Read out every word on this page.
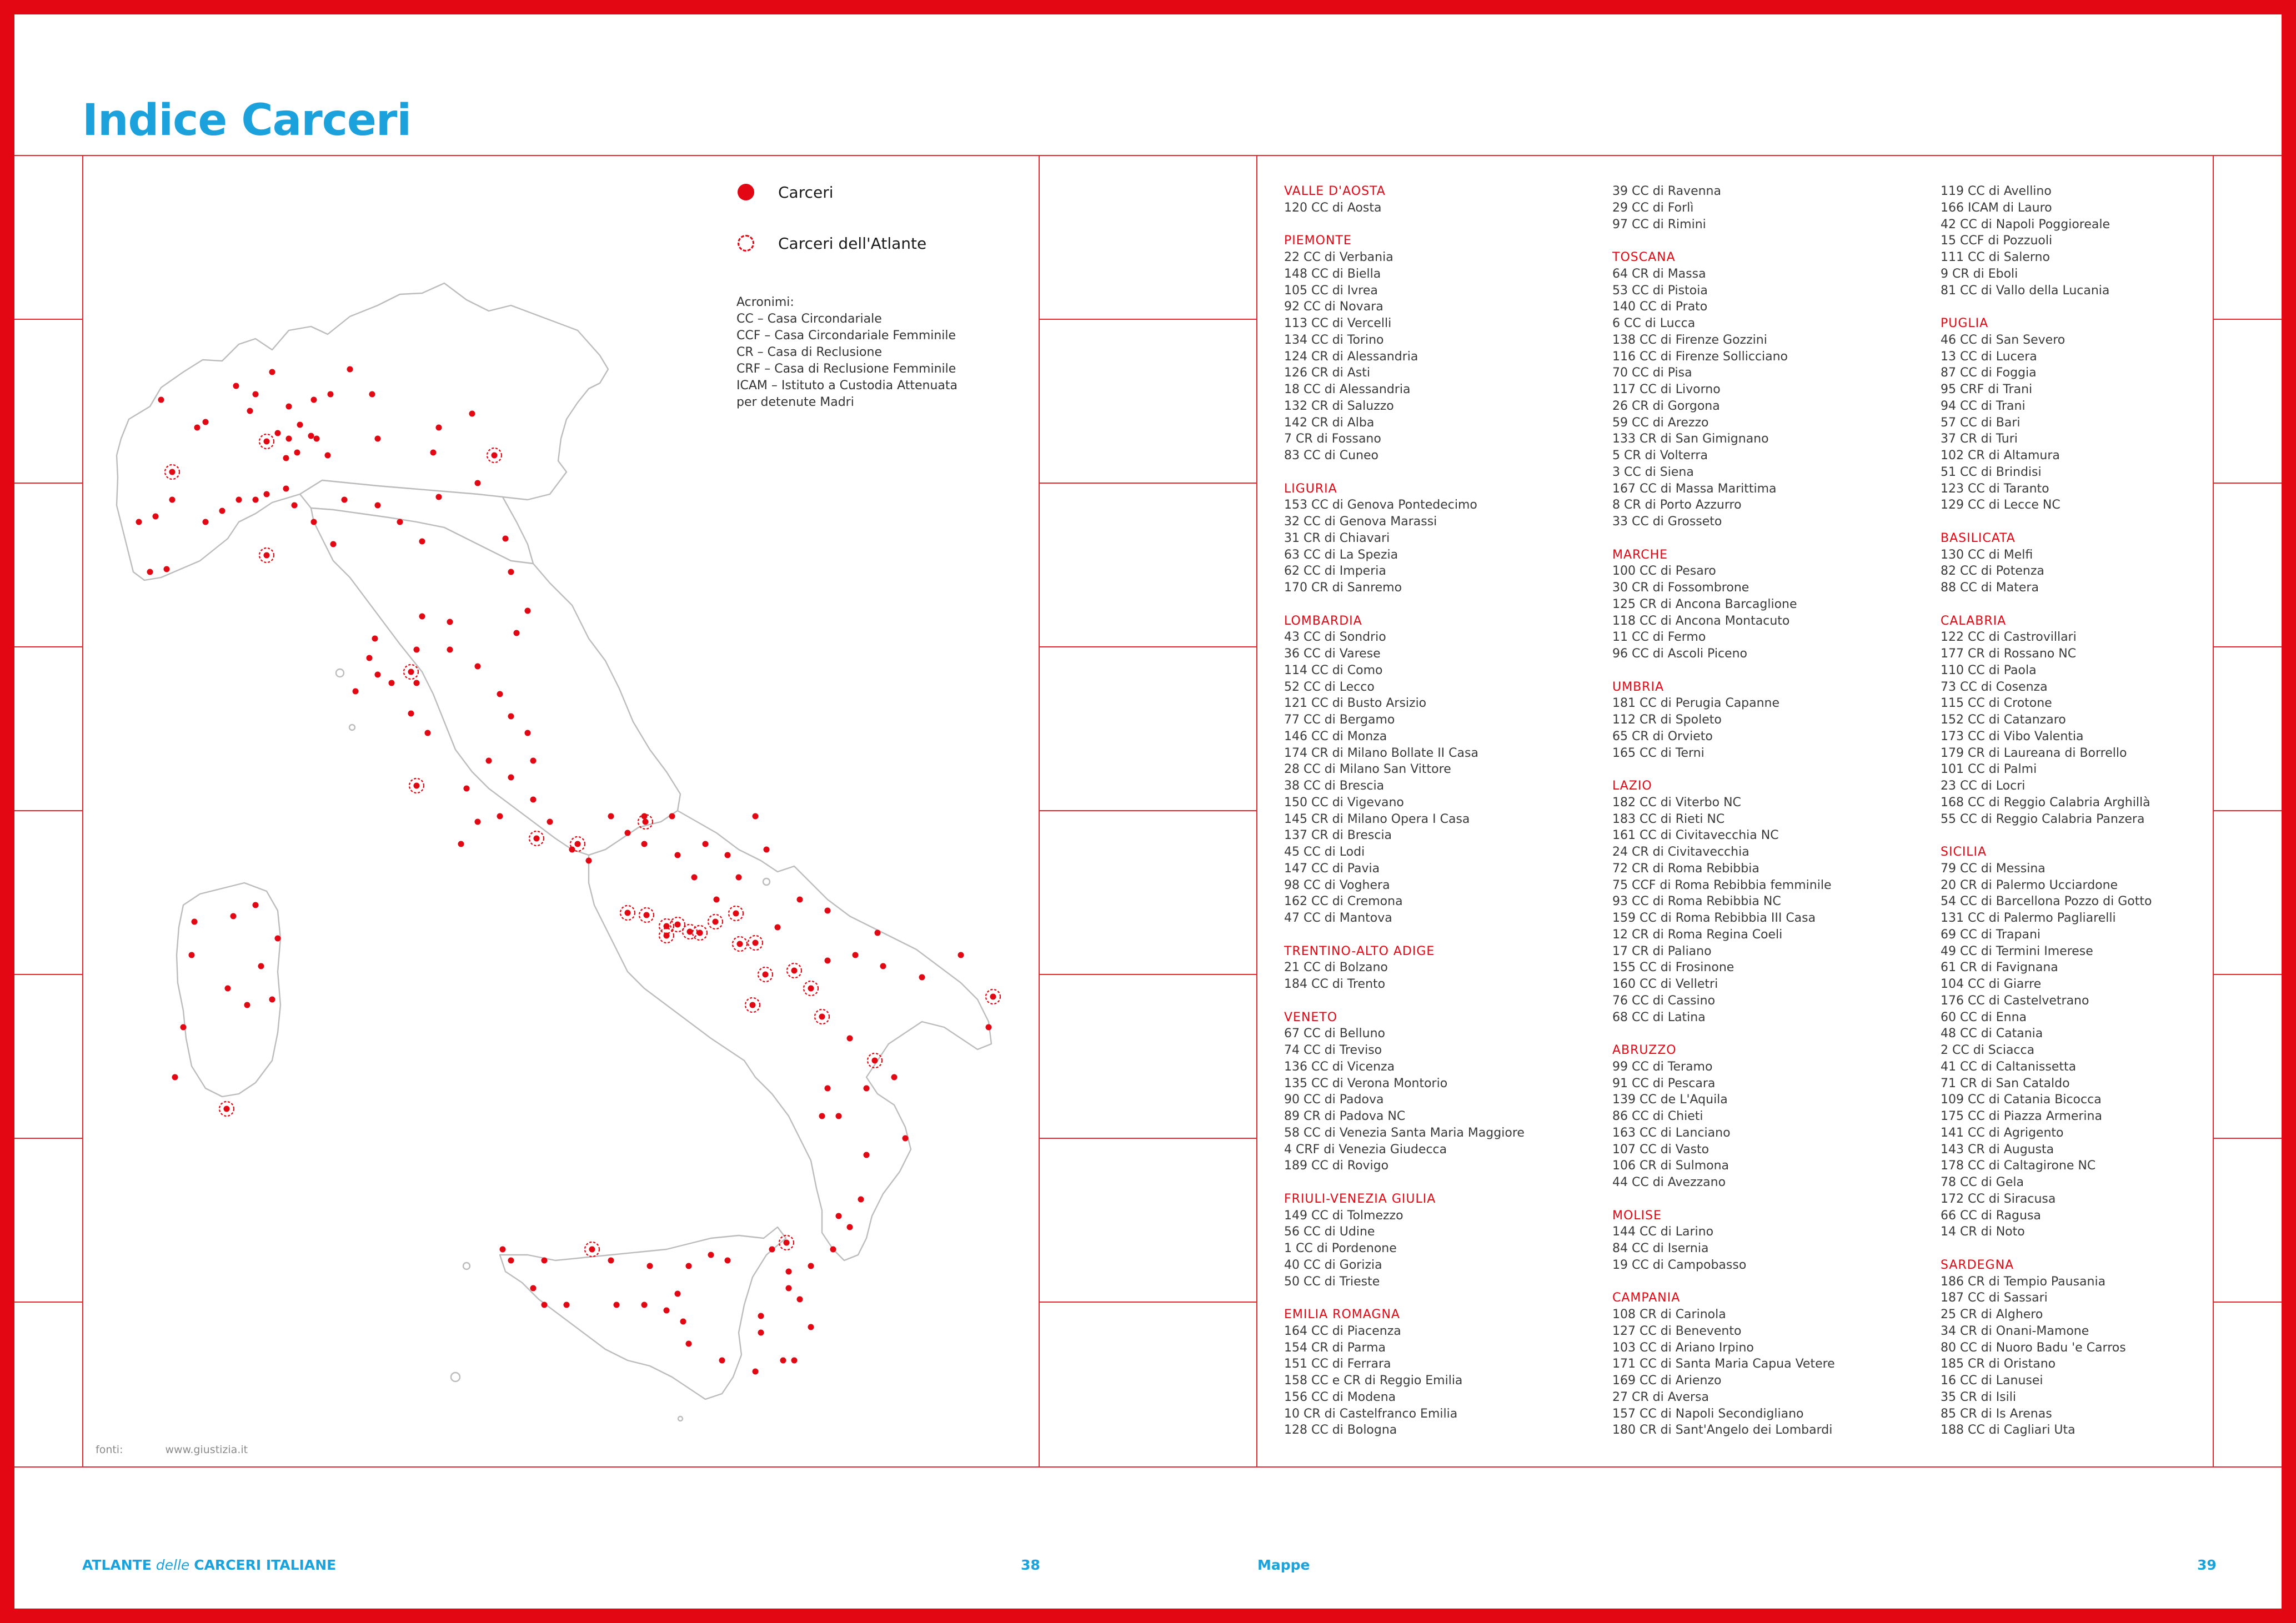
Indice Carceri
Carceri
Carceri dell'Atlante
Acronimi:
CC – Casa Circondariale
CCF – Casa Circondariale Femminile
CR – Casa di Reclusione
CRF – Casa di Reclusione Femminile
ICAM – Istituto a Custodia Attenuata
per detenute Madri
fonti:	www.giustizia.it
VALLE D'AOSTA
120 CC di Aosta
PIEMONTE
22 CC di Verbania
148 CC di Biella
105 CC di Ivrea
92 CC di Novara
113 CC di Vercelli
134 CC di Torino
124 CR di Alessandria
126 CR di Asti
18 CC di Alessandria
132 CR di Saluzzo
142 CR di Alba
7 CR di Fossano
83 CC di Cuneo
LIGURIA
153 CC di Genova Pontedecimo
32 CC di Genova Marassi
31 CR di Chiavari
63 CC di La Spezia
62 CC di Imperia
170 CR di Sanremo
LOMBARDIA
43 CC di Sondrio
36 CC di Varese
114 CC di Como
52 CC di Lecco
121 CC di Busto Arsizio
77 CC di Bergamo
146 CC di Monza
174 CR di Milano Bollate II Casa
28 CC di Milano San Vittore
38 CC di Brescia
150 CC di Vigevano
145 CR di Milano Opera I Casa
137 CR di Brescia
45 CC di Lodi
147 CC di Pavia
98 CC di Voghera
162 CC di Cremona
47 CC di Mantova
TRENTINO-ALTO ADIGE
21 CC di Bolzano
184 CC di Trento
VENETO
67 CC di Belluno
74 CC di Treviso
136 CC di Vicenza
135 CC di Verona Montorio
90 CC di Padova
89 CR di Padova NC
58 CC di Venezia Santa Maria Maggiore
4 CRF di Venezia Giudecca
189 CC di Rovigo
FRIULI-VENEZIA GIULIA
149 CC di Tolmezzo
56 CC di Udine
1 CC di Pordenone
40 CC di Gorizia
50 CC di Trieste
EMILIA ROMAGNA
164 CC di Piacenza
154 CR di Parma
151 CC di Ferrara
158 CC e CR di Reggio Emilia
156 CC di Modena
10 CR di Castelfranco Emilia
128 CC di Bologna
39 CC di Ravenna
29 CC di Forlì
97 CC di Rimini
TOSCANA
64 CR di Massa
53 CC di Pistoia
140 CC di Prato
6 CC di Lucca
138 CC di Firenze Gozzini
116 CC di Firenze Sollicciano
70 CC di Pisa
117 CC di Livorno
26 CR di Gorgona
59 CC di Arezzo
133 CR di San Gimignano
5 CR di Volterra
3 CC di Siena
167 CC di Massa Marittima
8 CR di Porto Azzurro
33 CC di Grosseto
MARCHE
100 CC di Pesaro
30 CR di Fossombrone
125 CR di Ancona Barcaglione
118 CC di Ancona Montacuto
11 CC di Fermo
96 CC di Ascoli Piceno
UMBRIA
181 CC di Perugia Capanne
112 CR di Spoleto
65 CR di Orvieto
165 CC di Terni
LAZIO
182 CC di Viterbo NC
183 CC di Rieti NC
161 CC di Civitavecchia NC
24 CR di Civitavecchia
72 CR di Roma Rebibbia
75 CCF di Roma Rebibbia femminile
93 CC di Roma Rebibbia NC
159 CC di Roma Rebibbia III Casa
12 CR di Roma Regina Coeli
17 CR di Paliano
155 CC di Frosinone
160 CC di Velletri
76 CC di Cassino
68 CC di Latina
ABRUZZO
99 CC di Teramo
91 CC di Pescara
139 CC de L'Aquila
86 CC di Chieti
163 CC di Lanciano
107 CC di Vasto
106 CR di Sulmona
44 CC di Avezzano
MOLISE
144 CC di Larino
84 CC di Isernia
19 CC di Campobasso
CAMPANIA
108 CR di Carinola
127 CC di Benevento
103 CC di Ariano Irpino
171 CC di Santa Maria Capua Vetere
169 CC di Arienzo
27 CR di Aversa
157 CC di Napoli Secondigliano
180 CR di Sant'Angelo dei Lombardi
119 CC di Avellino
166 ICAM di Lauro
42 CC di Napoli Poggioreale
15 CCF di Pozzuoli
111 CC di Salerno
9 CR di Eboli
81 CC di Vallo della Lucania
PUGLIA
46 CC di San Severo
13 CC di Lucera
87 CC di Foggia
95 CRF di Trani
94 CC di Trani
57 CC di Bari
37 CR di Turi
102 CR di Altamura
51 CC di Brindisi
123 CC di Taranto
129 CC di Lecce NC
BASILICATA
130 CC di Melfi
82 CC di Potenza
88 CC di Matera
CALABRIA
122 CC di Castrovillari
177 CR di Rossano NC
110 CC di Paola
73 CC di Cosenza
115 CC di Crotone
152 CC di Catanzaro
173 CC di Vibo Valentia
179 CR di Laureana di Borrello
101 CC di Palmi
23 CC di Locri
168 CC di Reggio Calabria Arghillà
55 CC di Reggio Calabria Panzera
SICILIA
79 CC di Messina
20 CR di Palermo Ucciardone
54 CC di Barcellona Pozzo di Gotto
131 CC di Palermo Pagliarelli
69 CC di Trapani
49 CC di Termini Imerese
61 CR di Favignana
104 CC di Giarre
176 CC di Castelvetrano
60 CC di Enna
48 CC di Catania
2 CC di Sciacca
41 CC di Caltanissetta
71 CR di San Cataldo
109 CC di Catania Bicocca
175 CC di Piazza Armerina
141 CC di Agrigento
143 CR di Augusta
178 CC di Caltagirone NC
78 CC di Gela
172 CC di Siracusa
66 CC di Ragusa
14 CR di Noto
SARDEGNA
186 CR di Tempio Pausania
187 CC di Sassari
25 CR di Alghero
34 CR di Onani-Mamone
80 CC di Nuoro Badu 'e Carros
185 CR di Oristano
16 CC di Lanusei
35 CR di Isili
85 CR di Is Arenas
188 CC di Cagliari Uta
ATLANTE delle CARCERI ITALIANE	38	Mappe	39
